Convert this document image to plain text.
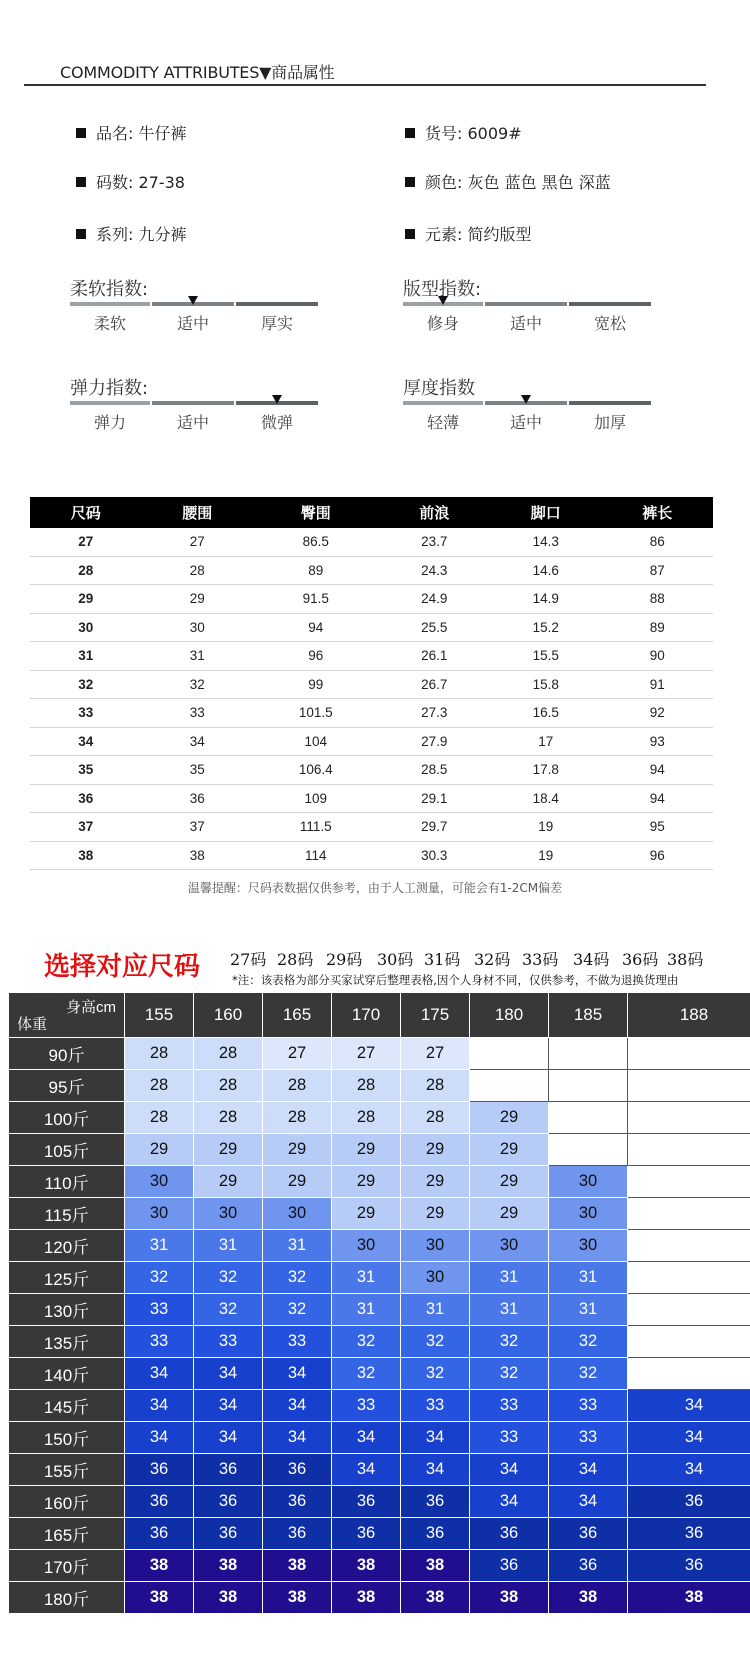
COMMODITY ATTRIBUTES▼商品属性
品名: 牛仔裤	货号: 6009#
码数: 27-38	颜色: 灰色 蓝色 黑色 深蓝
系列: 九分裤	元素: 简约版型
柔软指数:
柔软	适中	厚实
版型指数:
修身	适中	宽松
弹力指数:
弹力	适中	微弹
厚度指数
轻薄	适中	加厚
尺码	腰围	臀围	前浪	脚口	裤长
27	27	86.5	23.7	14.3	86
28	28	89	24.3	14.6	87
29	29	91.5	24.9	14.9	88
30	30	94	25.5	15.2	89
31	31	96	26.1	15.5	90
32	32	99	26.7	15.8	91
33	33	101.5	27.3	16.5	92
34	34	104	27.9	17	93
35	35	106.4	28.5	17.8	94
36	36	109	29.1	18.4	94
37	37	111.5	29.7	19	95
38	38	114	30.3	19	96
温馨提醒：尺码表数据仅供参考，由于人工测量，可能会有1-2CM偏差
选择对应尺码 27码 28码 29码 30码 31码 32码 33码 34码 36码 38码
*注：该表格为部分买家试穿后整理表格,因个人身材不同，仅供参考，不做为退换货理由
身高cm
体重	155	160	165	170	175	180	185	188
90斤	28	28	27	27	27			
95斤	28	28	28	28	28			
100斤	28	28	28	28	28	29		
105斤	29	29	29	29	29	29		
110斤	30	29	29	29	29	29	30	
115斤	30	30	30	29	29	29	30	
120斤	31	31	31	30	30	30	30	
125斤	32	32	32	31	30	31	31	
130斤	33	32	32	31	31	31	31	
135斤	33	33	33	32	32	32	32	
140斤	34	34	34	32	32	32	32	
145斤	34	34	34	33	33	33	33	34
150斤	34	34	34	34	34	33	33	34
155斤	36	36	36	34	34	34	34	34
160斤	36	36	36	36	36	34	34	36
165斤	36	36	36	36	36	36	36	36
170斤	38	38	38	38	38	36	36	36
180斤	38	38	38	38	38	38	38	38
